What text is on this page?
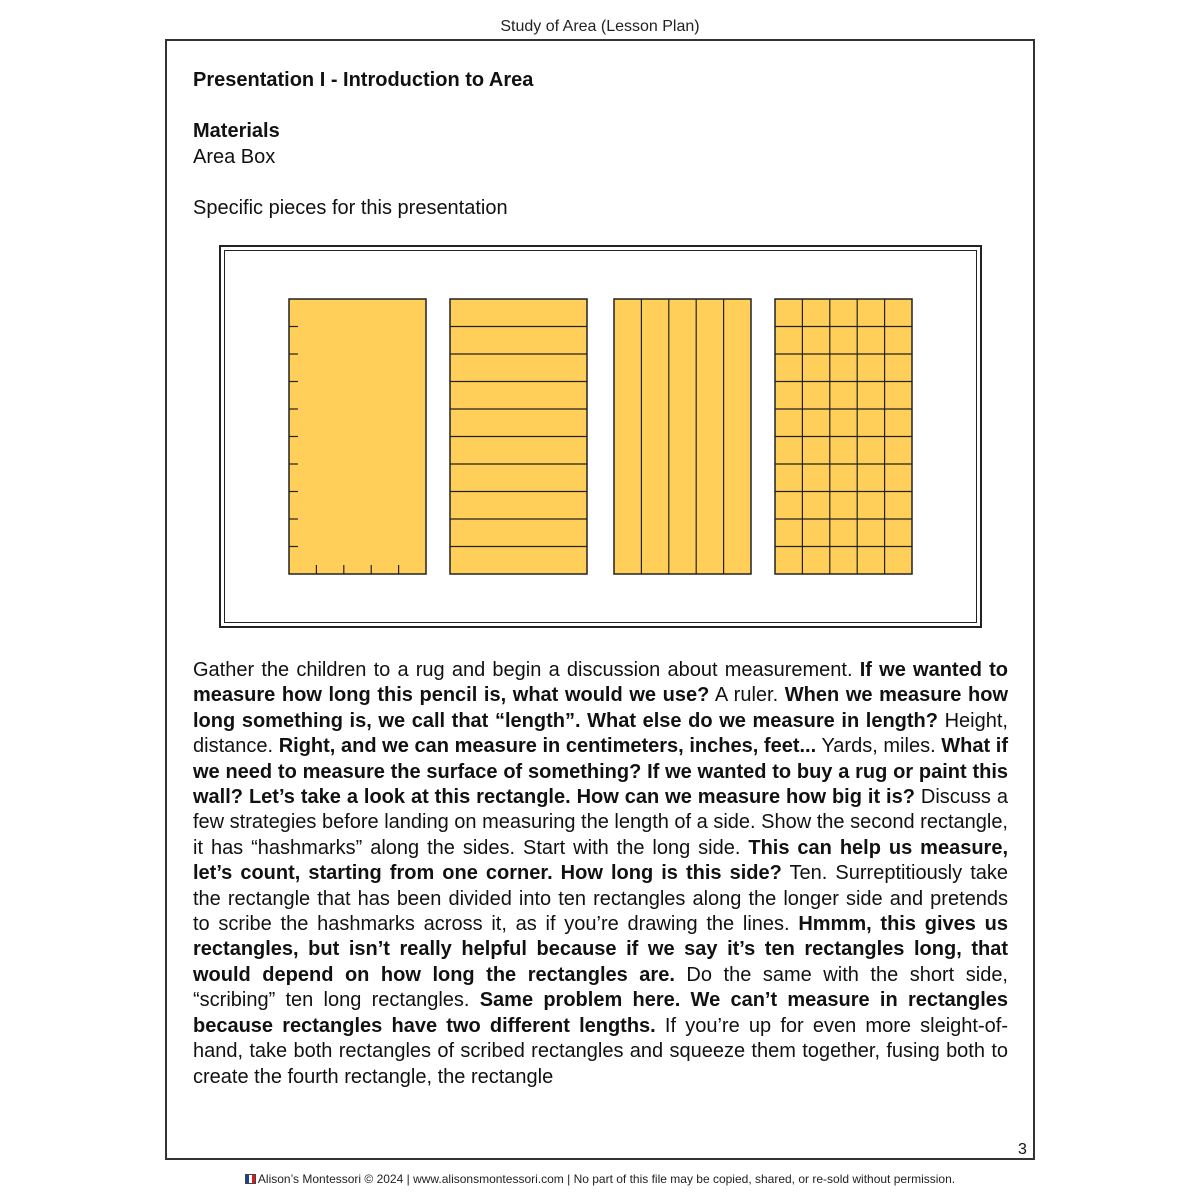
Study of Area (Lesson Plan)
Presentation I - Introduction to Area
Materials
Area Box
Specific pieces for this presentation
Gather the children to a rug and begin a discussion about measurement. If we wanted to measure how long this pencil is, what would we use? A ruler. When we measure how long something is, we call that “length”. What else do we measure in length? Height, distance. Right, and we can measure in centimeters, inches, feet... Yards, miles. What if we need to measure the surface of something? If we wanted to buy a rug or paint this wall? Let’s take a look at this rectangle. How can we measure how big it is? Discuss a few strategies before landing on measuring the length of a side. Show the second rectangle, it has “hashmarks” along the sides. Start with the long side. This can help us measure, let’s count, starting from one corner. How long is this side? Ten. Surreptitiously take the rectangle that has been divided into ten rectangles along the longer side and pretends to scribe the hashmarks across it, as if you’re drawing the lines. Hmmm, this gives us rectangles, but isn’t really helpful because if we say it’s ten rectangles long, that would depend on how long the rectangles are. Do the same with the short side, “scribing” ten long rectangles. Same problem here. We can’t measure in rectangles because rectangles have two different lengths. If you’re up for even more sleight-of-hand, take both rectangles of scribed rectangles and squeeze them together, fusing both to create the fourth rectangle, the rectangle
3
Alison’s Montessori © 2024 | www.alisonsmontessori.com | No part of this file may be copied, shared, or re-sold without permission.
